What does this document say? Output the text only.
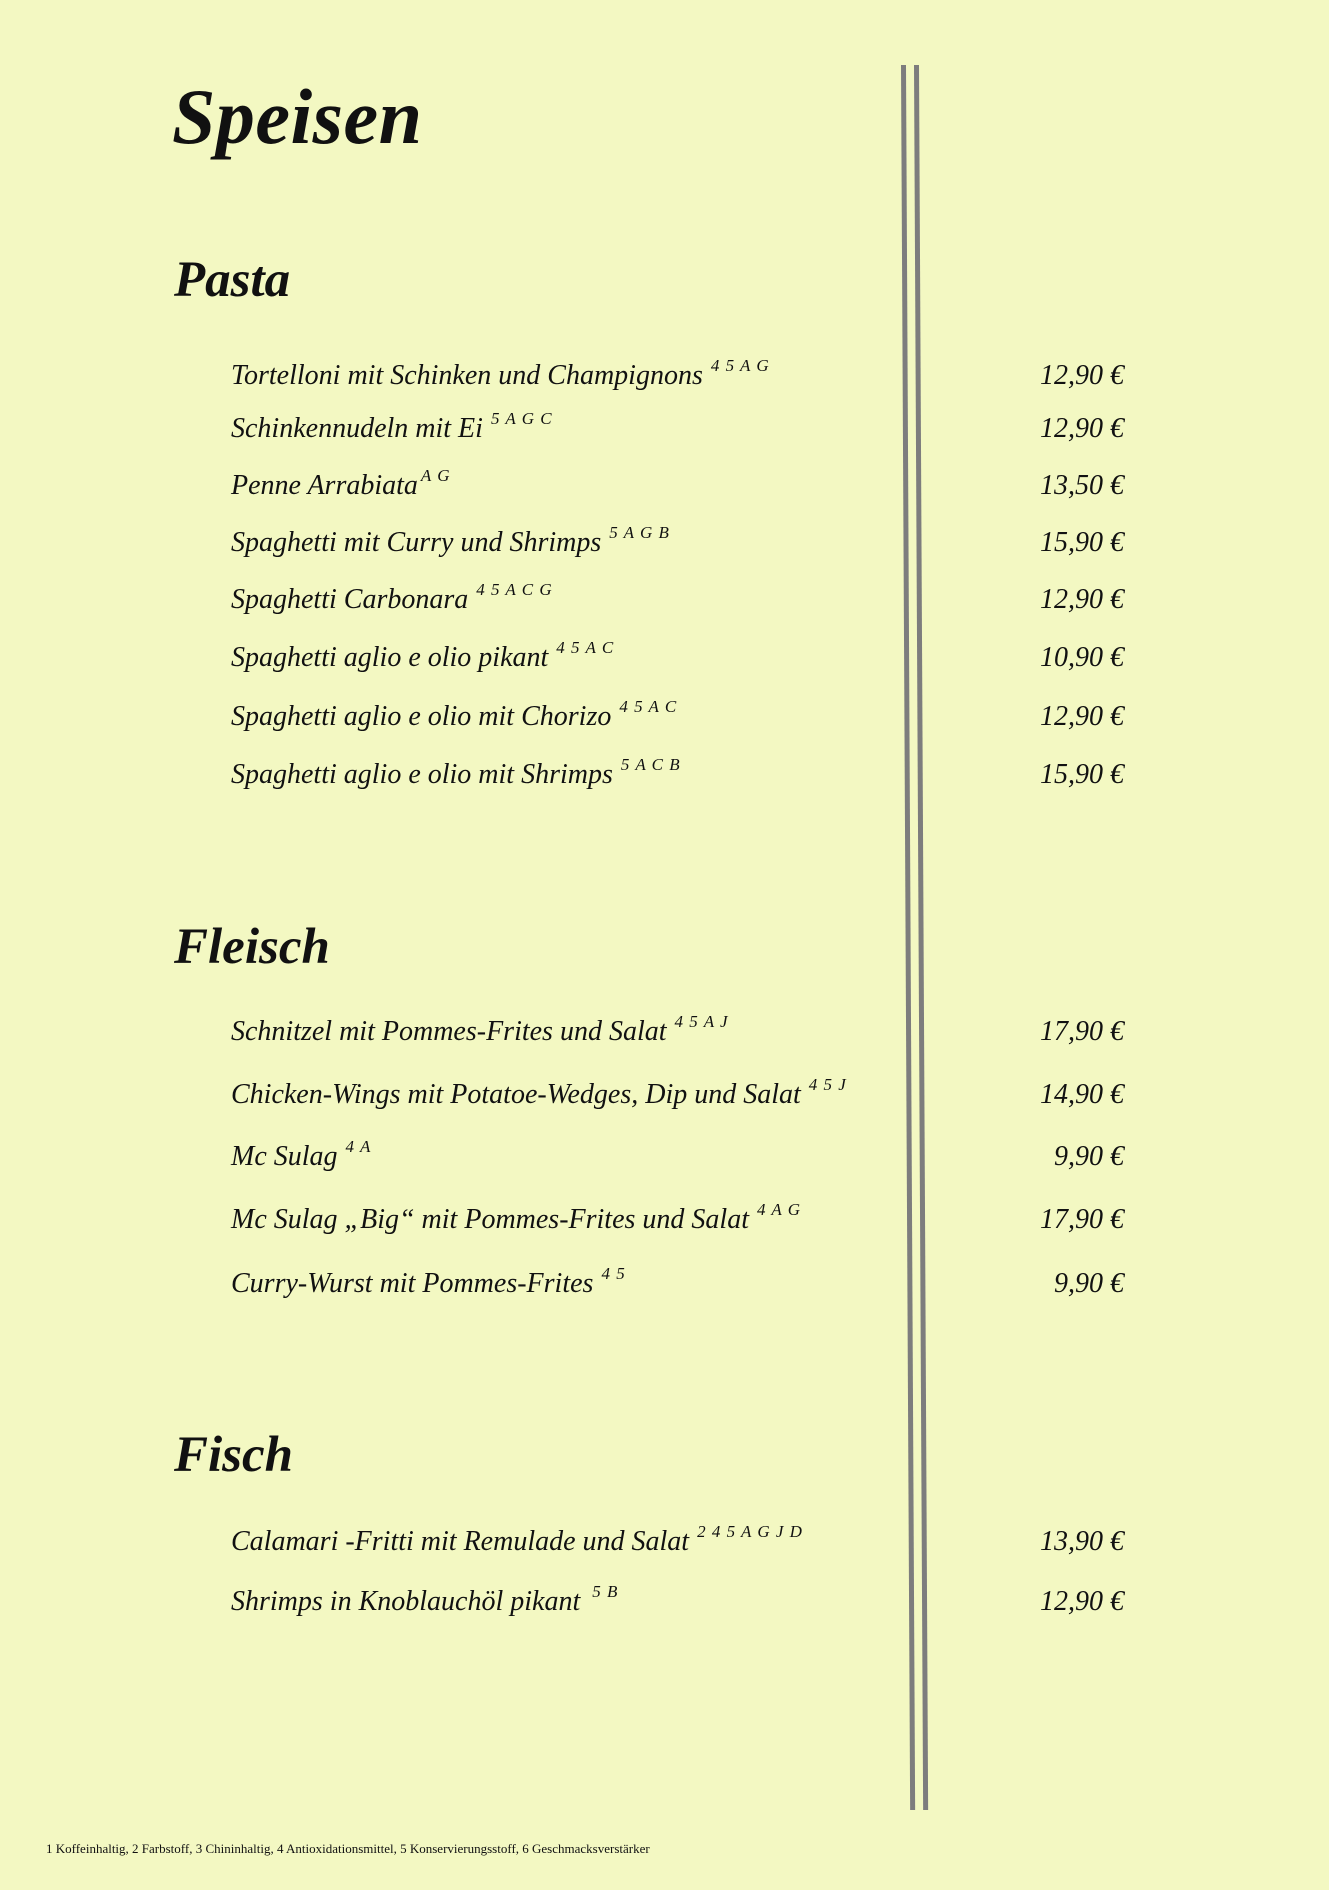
Speisen
Pasta
Tortelloni mit Schinken und Champignons $^{4 5 A G}$	12,90 €
Schinkennudeln mit Ei $^{5 A G C}$	12,90 €
Penne Arrabiata $^{A G}$	13,50 €
Spaghetti mit Curry und Shrimps $^{5 A G B}$	15,90 €
Spaghetti Carbonara $^{4 5 A C G}$	12,90 €
Spaghetti aglio e olio pikant $^{4 5 A C}$	10,90 €
Spaghetti aglio e olio mit Chorizo $^{4 5 A C}$	12,90 €
Spaghetti aglio e olio mit Shrimps $^{5 A C B}$	15,90 €
Fleisch
Schnitzel mit Pommes-Frites und Salat $^{4 5 A J}$	17,90 €
Chicken-Wings mit Potatoe-Wedges, Dip und Salat $^{4 5 J}$	14,90 €
Mc Sulag $^{4 A}$	9,90 €
Mc Sulag „Big“ mit Pommes-Frites und Salat $^{4 A G}$	17,90 €
Curry-Wurst mit Pommes-Frites $^{4 5}$	9,90 €
Fisch
Calamari -Fritti mit Remulade und Salat $^{2 4 5 A G J D}$	13,90 €
Shrimps in Knoblauchöl pikant $^{5 B}$	12,90 €
1 Koffeinhaltig, 2 Farbstoff, 3 Chininhaltig, 4 Antioxidationsmittel, 5 Konservierungsstoff, 6 Geschmacksverstärker
